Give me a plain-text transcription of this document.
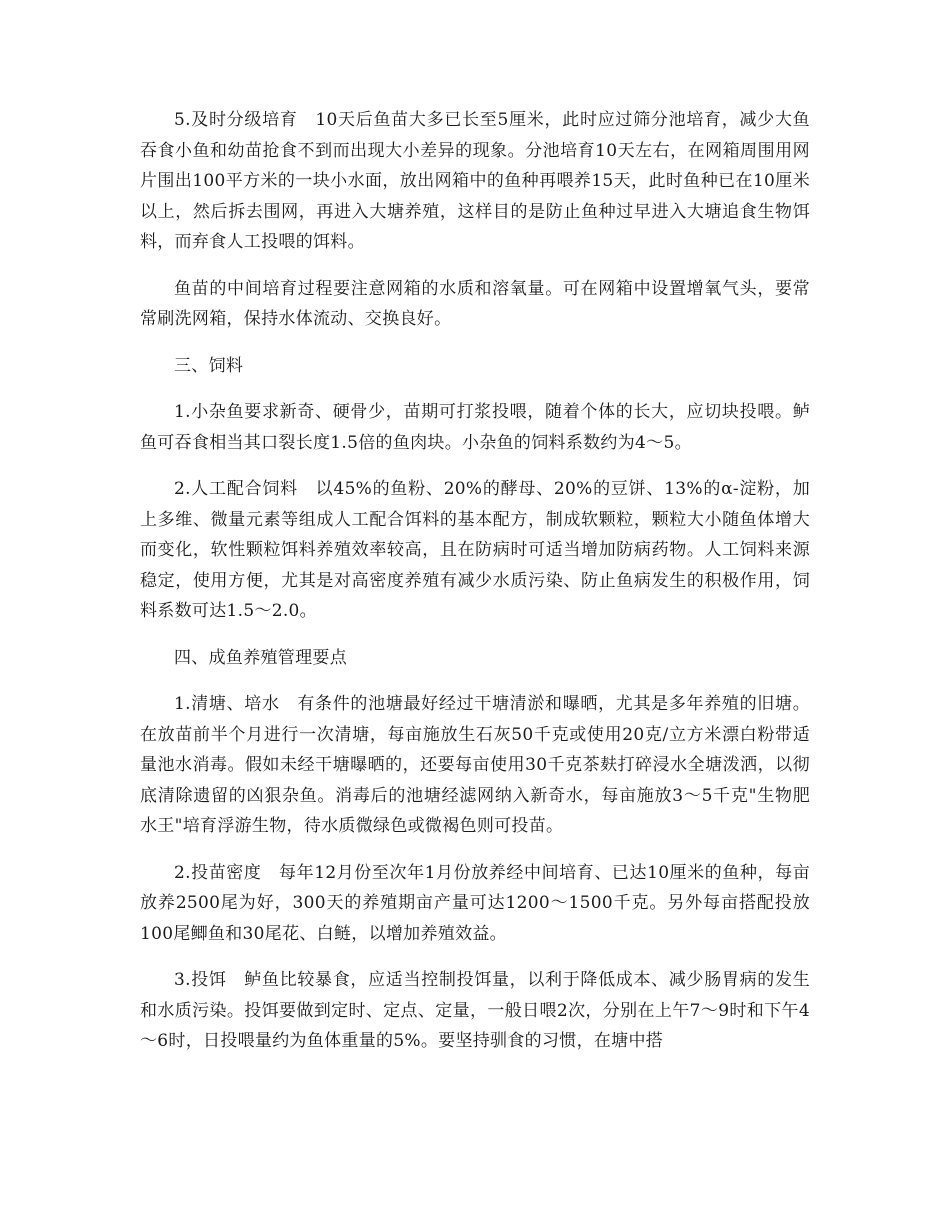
5.及时分级培育　10天后鱼苗大多已长至5厘米，此时应过筛分池培育，减少大鱼吞食小鱼和幼苗抢食不到而出现大小差异的现象。分池培育10天左右，在网箱周围用网片围出100平方米的一块小水面，放出网箱中的鱼种再喂养15天，此时鱼种已在10厘米以上，然后拆去围网，再进入大塘养殖，这样目的是防止鱼种过早进入大塘追食生物饵料，而弃食人工投喂的饵料。

鱼苗的中间培育过程要注意网箱的水质和溶氧量。可在网箱中设置增氧气头，要常常刷洗网箱，保持水体流动、交换良好。

三、饲料

1.小杂鱼要求新奇、硬骨少，苗期可打浆投喂，随着个体的长大，应切块投喂。鲈鱼可吞食相当其口裂长度1.5倍的鱼肉块。小杂鱼的饲料系数约为4～5。

2.人工配合饲料　以45%的鱼粉、20%的酵母、20%的豆饼、13%的α-淀粉，加上多维、微量元素等组成人工配合饵料的基本配方，制成软颗粒，颗粒大小随鱼体增大而变化，软性颗粒饵料养殖效率较高，且在防病时可适当增加防病药物。人工饲料来源稳定，使用方便，尤其是对高密度养殖有减少水质污染、防止鱼病发生的积极作用，饲料系数可达1.5～2.0。

四、成鱼养殖管理要点

1.清塘、培水　有条件的池塘最好经过干塘清淤和曝晒，尤其是多年养殖的旧塘。在放苗前半个月进行一次清塘，每亩施放生石灰50千克或使用20克/立方米漂白粉带适量池水消毒。假如未经干塘曝晒的，还要每亩使用30千克茶麸打碎浸水全塘泼洒，以彻底清除遗留的凶狠杂鱼。消毒后的池塘经滤网纳入新奇水，每亩施放3～5千克"生物肥水王"培育浮游生物，待水质微绿色或微褐色则可投苗。

2.投苗密度　每年12月份至次年1月份放养经中间培育、已达10厘米的鱼种，每亩放养2500尾为好，300天的养殖期亩产量可达1200～1500千克。另外每亩搭配投放100尾鲫鱼和30尾花、白鲢，以增加养殖效益。

3.投饵　鲈鱼比较暴食，应适当控制投饵量，以利于降低成本、减少肠胃病的发生和水质污染。投饵要做到定时、定点、定量，一般日喂2次，分别在上午7～9时和下午4～6时，日投喂量约为鱼体重量的5%。要坚持驯食的习惯，在塘中搭
